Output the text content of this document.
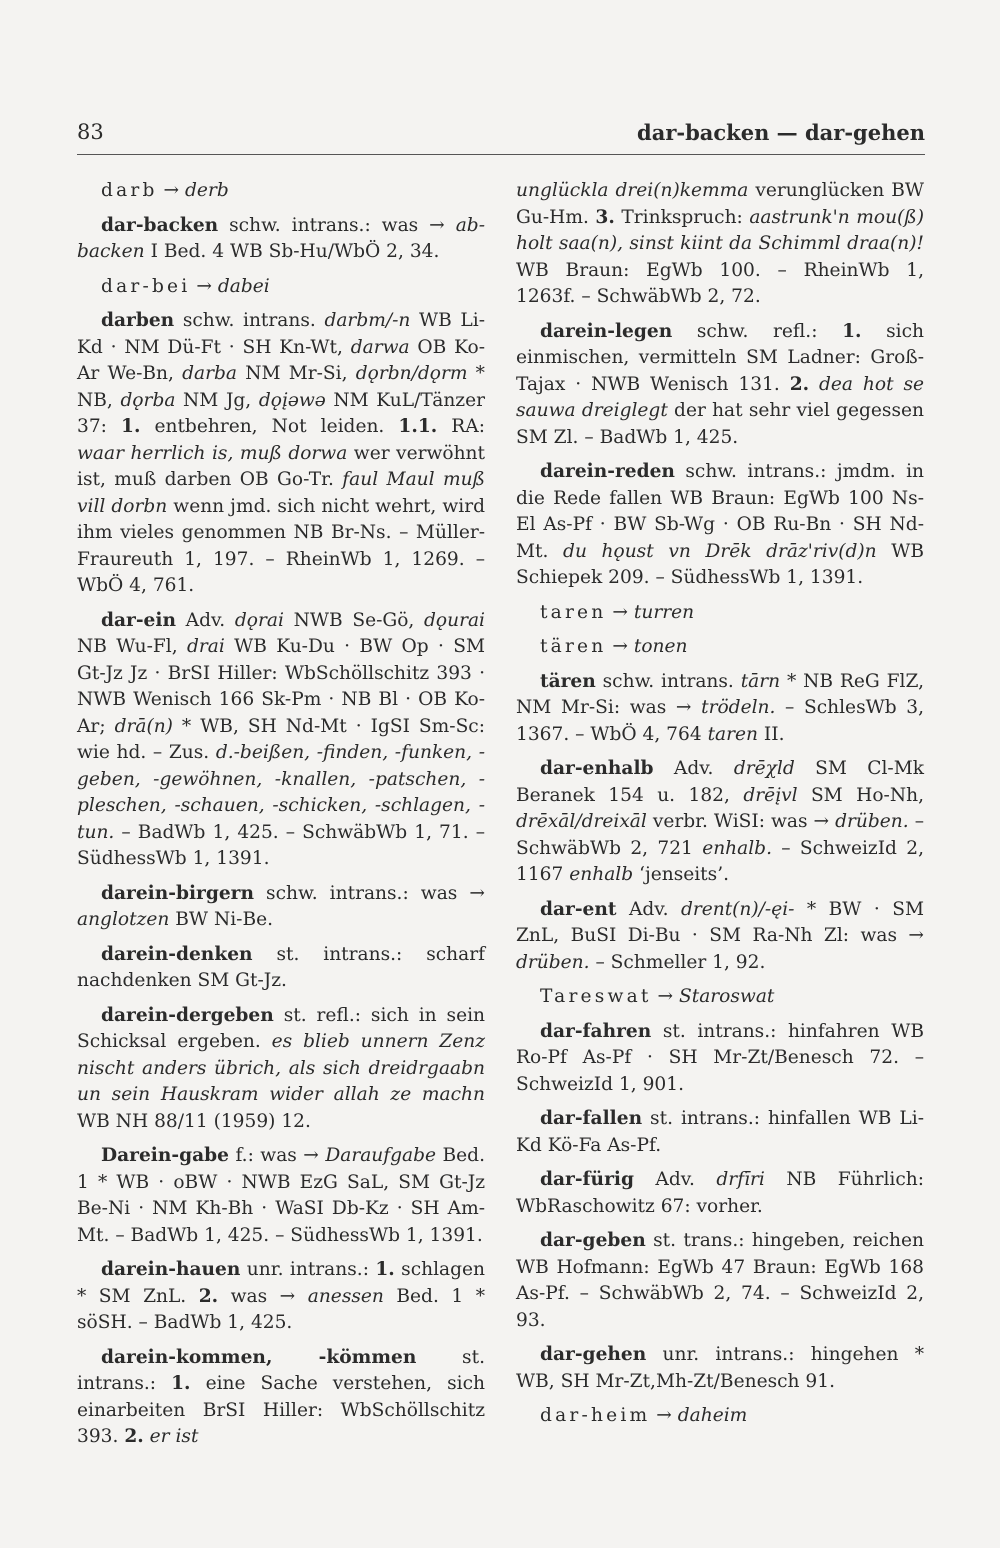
83	dar-backen — dar-gehen

darb → derb

dar-backen schw. intrans.: was → ab-backen I Bed. 4 WB Sb-Hu/WbÖ 2, 34.

dar-bei → dabei

darben schw. intrans. darbm/-n WB Li-Kd · NM Dü-Ft · SH Kn-Wt, darwa OB Ko-Ar We-Bn, darba NM Mr-Si, dǫrbn/dǫrm * NB, dǫrba NM Jg, dǫįəwə NM KuL/Tänzer 37: 1. entbehren, Not leiden. 1.1. RA: waar herrlich is, muß dorwa wer verwöhnt ist, muß darben OB Go-Tr. faul Maul muß vill dorbn wenn jmd. sich nicht wehrt, wird ihm vieles genommen NB Br-Ns. – Müller-Fraureuth 1, 197. – RheinWb 1, 1269. – WbÖ 4, 761.

dar-ein Adv. dǫrai NWB Se-Gö, dǫurai NB Wu-Fl, drai WB Ku-Du · BW Op · SM Gt-Jz Jz · BrSI Hiller: WbSchöllschitz 393 · NWB Wenisch 166 Sk-Pm · NB Bl · OB Ko-Ar; drā(n) * WB, SH Nd-Mt · IgSI Sm-Sc: wie hd. – Zus. d.-beißen, -finden, -funken, -geben, -gewöhnen, -knallen, -patschen, -pleschen, -schauen, -schicken, -schlagen, -tun. – BadWb 1, 425. – SchwäbWb 1, 71. – SüdhessWb 1, 1391.

darein-birgern schw. intrans.: was → anglotzen BW Ni-Be.

darein-denken st. intrans.: scharf nachdenken SM Gt-Jz.

darein-dergeben st. refl.: sich in sein Schicksal ergeben. es blieb unnern Zenz nischt anders übrich, als sich dreidrgaabn un sein Hauskram wider allah ze machn WB NH 88/11 (1959) 12.

Darein-gabe f.: was → Daraufgabe Bed. 1 * WB · oBW · NWB EzG SaL, SM Gt-Jz Be-Ni · NM Kh-Bh · WaSI Db-Kz · SH Am-Mt. – BadWb 1, 425. – SüdhessWb 1, 1391.

darein-hauen unr. intrans.: 1. schlagen * SM ZnL. 2. was → anessen Bed. 1 * söSH. – BadWb 1, 425.

darein-kommen, -kömmen st. intrans.: 1. eine Sache verstehen, sich einarbeiten BrSI Hiller: WbSchöllschitz 393. 2. er ist

unglückla drei(n)kemma verunglücken BW Gu-Hm. 3. Trinkspruch: aastrunk'n mou(ß) holt saa(n), sinst kiint da Schimml draa(n)! WB Braun: EgWb 100. – RheinWb 1, 1263f. – SchwäbWb 2, 72.

darein-legen schw. refl.: 1. sich einmischen, vermitteln SM Ladner: Groß-Tajax · NWB Wenisch 131. 2. dea hot se sauwa dreiglegt der hat sehr viel gegessen SM Zl. – BadWb 1, 425.

darein-reden schw. intrans.: jmdm. in die Rede fallen WB Braun: EgWb 100 Ns-El As-Pf · BW Sb-Wg · OB Ru-Bn · SH Nd-Mt. du hǫust vn Drēk drāz'riv(d)n WB Schiepek 209. – SüdhessWb 1, 1391.

taren → turren

tären → tonen

tären schw. intrans. tārn * NB ReG FlZ, NM Mr-Si: was → trödeln. – SchlesWb 3, 1367. – WbÖ 4, 764 taren II.

dar-enhalb Adv. drēχld SM Cl-Mk Beranek 154 u. 182, drēįvl SM Ho-Nh, drēxāl/dreixāl verbr. WiSI: was → drüben. – SchwäbWb 2, 721 enhalb. – SchweizId 2, 1167 enhalb ‘jenseits’.

dar-ent Adv. drent(n)/-ęi- * BW · SM ZnL, BuSI Di-Bu · SM Ra-Nh Zl: was → drüben. – Schmeller 1, 92.

Tareswat → Staroswat

dar-fahren st. intrans.: hinfahren WB Ro-Pf As-Pf · SH Mr-Zt/Benesch 72. – SchweizId 1, 901.

dar-fallen st. intrans.: hinfallen WB Li-Kd Kö-Fa As-Pf.

dar-fürig Adv. drfīri NB Führlich: WbRaschowitz 67: vorher.

dar-geben st. trans.: hingeben, reichen WB Hofmann: EgWb 47 Braun: EgWb 168 As-Pf. – SchwäbWb 2, 74. – SchweizId 2, 93.

dar-gehen unr. intrans.: hingehen * WB, SH Mr-Zt,Mh-Zt/Benesch 91.

dar-heim → daheim
